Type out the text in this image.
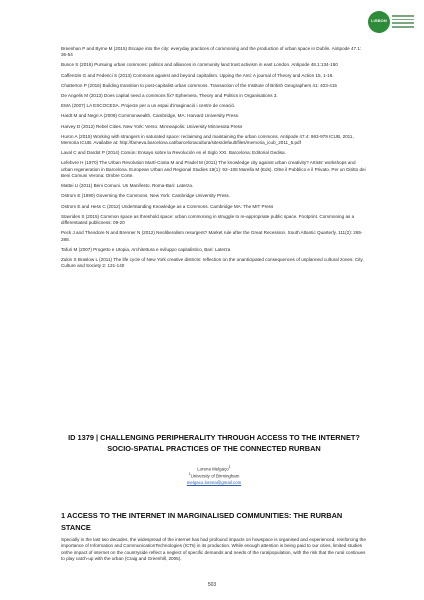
LISBON

Breenhan P and Byrne M (2015) Escape into the city: everyday practices of commoning and the production of urban space in Dublin. Antipode 47.1: 36-54

Bunce S (2016) Pursuing urban commons: politics and alliances in community land trust activism in east London. Antipode 48.1:134-150

Caffentzis G and Federici S (2013) Commons against and beyond capitalism. Upping the Anti: A journal of Theory and Action 15, 1-16.

Chatterton P (2016) Building transition to post-capitalist urban commons. Transaction of the Institute of British Geographers 41: 403-415

De Angelis M (2013) Does capital need a commons fix? Ephemera, Theory and Politics in Organisations 3.

EMA (2007) LA ESCOCESA. Projecte per a un espai d'imaginació i centre de creació.

Hardt M and Negri A (2009) Commonwealth. Cambridge, MA: Harvard University Press.

Harvey D (2012) Rebel Cities. New York: Verso. Minneapolis: University Minnesota Press

Huron A (2015) Working with strangers in saturated space: reclaiming and maintaining the urban commons. Antipode 47.4: 963-979 ICUB, 2011, Memoria ICUB. Available at: http://fameva.barcelona.cat/barcelonacultura/sites/default/files/memoria_icub_2011_5.pdf

Laval C and Dardot P (2014) Común: Ensayo sobre la Revolución en el Siglo XXI. Barcelona: Editorial Gedisa.

Lefebvre H (1970) The Urban Revolution Martí-Costa M and Pradel M (2011) The knowledge city against urban creativity? Artists' workshops and urban regeneration in Barcelona. European Urban and Regional Studies 19(1): 92–108 Marella M (Eds). Oltre il Pubblico e il Privato. Per un Diritto dei Beni Comuni Verona: Ombre Corte.

Mattei U (2011) Beni Comuni. Un Manifesto. Roma-Bari: Laterza.

Ostrom E (1990) Governing the Commons. New York: Cambridge University Press.

Ostrom E and Hess C (2012) Understanding Knowledge as a Commons. Cambridge MA: The MIT Press

Stavrides S (2015) Common space as threshold space: urban commoning in struggle to re-appropriate public space. Footprint. Commoning as a differentiated publicness: 09-20

Peck J and Theodore N and Brenner N (2012) Neoliberalism resurgent? Market rule after the Great Recession. South Atlantic Quarterly. 111(2): 265-288.

Tafuri M (2007) Progetto e Utopia, Architettura e sviluppo capitalistico, Bari: Laterza

Zukin S Braslow L (2011) The life cycle of New York creative districts: reflection on the unanticipated consequences of unplanned cultural zones. City, Culture and Society 2: 131-140

ID 1379 | CHALLENGING PERIPHERALITY THROUGH ACCESS TO THE INTERNET? SOCIO-SPATIAL PRACTICES OF THE CONNECTED RURBAN
Lorena Melgaço$^1$
$^1$University of Birmingham
melgaco.lorena@gmail.com
1 ACCESS TO THE INTERNET IN MARGINALISED COMMUNITIES: THE RURBAN STANCE

Specially in the last two decades, the widespread of the internet has had profound impacts on howspace is organised and experienced, reinforcing the importance of Information and CommunicationTechnologies (ICTs) in its production. While enough attention is being paid to our cities, limited studies onthe impact of internet on the countryside reflect a neglect of specific demands and needs of the ruralpopulation, with the risk that the rural continues to play catch-up with the urban (Craig and Greenhill, 2005).

503
